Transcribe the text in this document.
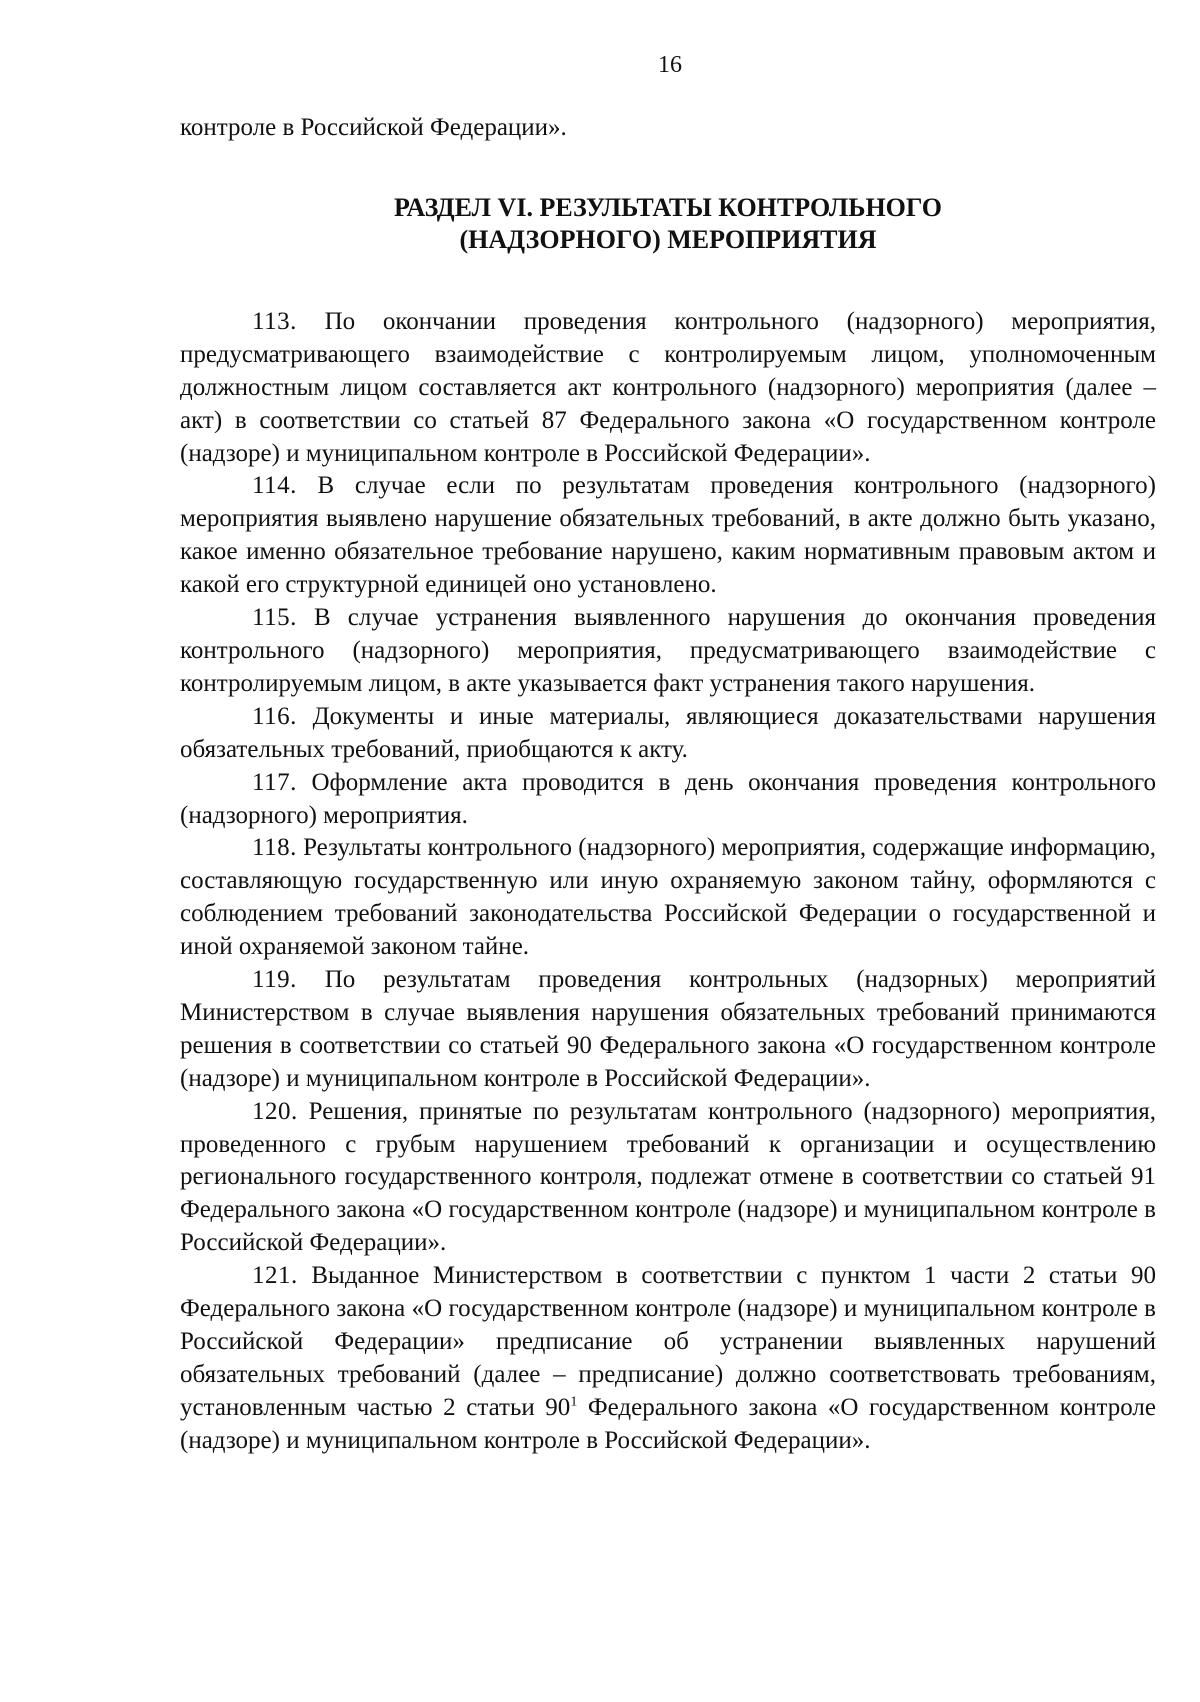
16

контроле в Российской Федерации».

РАЗДЕЛ VI. РЕЗУЛЬТАТЫ КОНТРОЛЬНОГО
(НАДЗОРНОГО) МЕРОПРИЯТИЯ

113. По окончании проведения контрольного (надзорного) мероприятия, предусматривающего взаимодействие с контролируемым лицом, уполномоченным должностным лицом составляется акт контрольного (надзорного) мероприятия (далее – акт) в соответствии со статьей 87 Федерального закона «О государственном контроле (надзоре) и муниципальном контроле в Российской Федерации».

114. В случае если по результатам проведения контрольного (надзорного) мероприятия выявлено нарушение обязательных требований, в акте должно быть указано, какое именно обязательное требование нарушено, каким нормативным правовым актом и какой его структурной единицей оно установлено.

115. В случае устранения выявленного нарушения до окончания проведения контрольного (надзорного) мероприятия, предусматривающего взаимодействие с контролируемым лицом, в акте указывается факт устранения такого нарушения.

116. Документы и иные материалы, являющиеся доказательствами нарушения обязательных требований, приобщаются к акту.

117. Оформление акта проводится в день окончания проведения контрольного (надзорного) мероприятия.

118. Результаты контрольного (надзорного) мероприятия, содержащие информацию, составляющую государственную или иную охраняемую законом тайну, оформляются с соблюдением требований законодательства Российской Федерации о государственной и иной охраняемой законом тайне.

119. По результатам проведения контрольных (надзорных) мероприятий Министерством в случае выявления нарушения обязательных требований принимаются решения в соответствии со статьей 90 Федерального закона «О государственном контроле (надзоре) и муниципальном контроле в Российской Федерации».

120. Решения, принятые по результатам контрольного (надзорного) мероприятия, проведенного с грубым нарушением требований к организации и осуществлению регионального государственного контроля, подлежат отмене в соответствии со статьей 91 Федерального закона «О государственном контроле (надзоре) и муниципальном контроле в Российской Федерации».

121. Выданное Министерством в соответствии с пунктом 1 части 2 статьи 90 Федерального закона «О государственном контроле (надзоре) и муниципальном контроле в Российской Федерации» предписание об устранении выявленных нарушений обязательных требований (далее – предписание) должно соответствовать требованиям, установленным частью 2 статьи $90^1$ Федерального закона «О государственном контроле (надзоре) и муниципальном контроле в Российской Федерации».
